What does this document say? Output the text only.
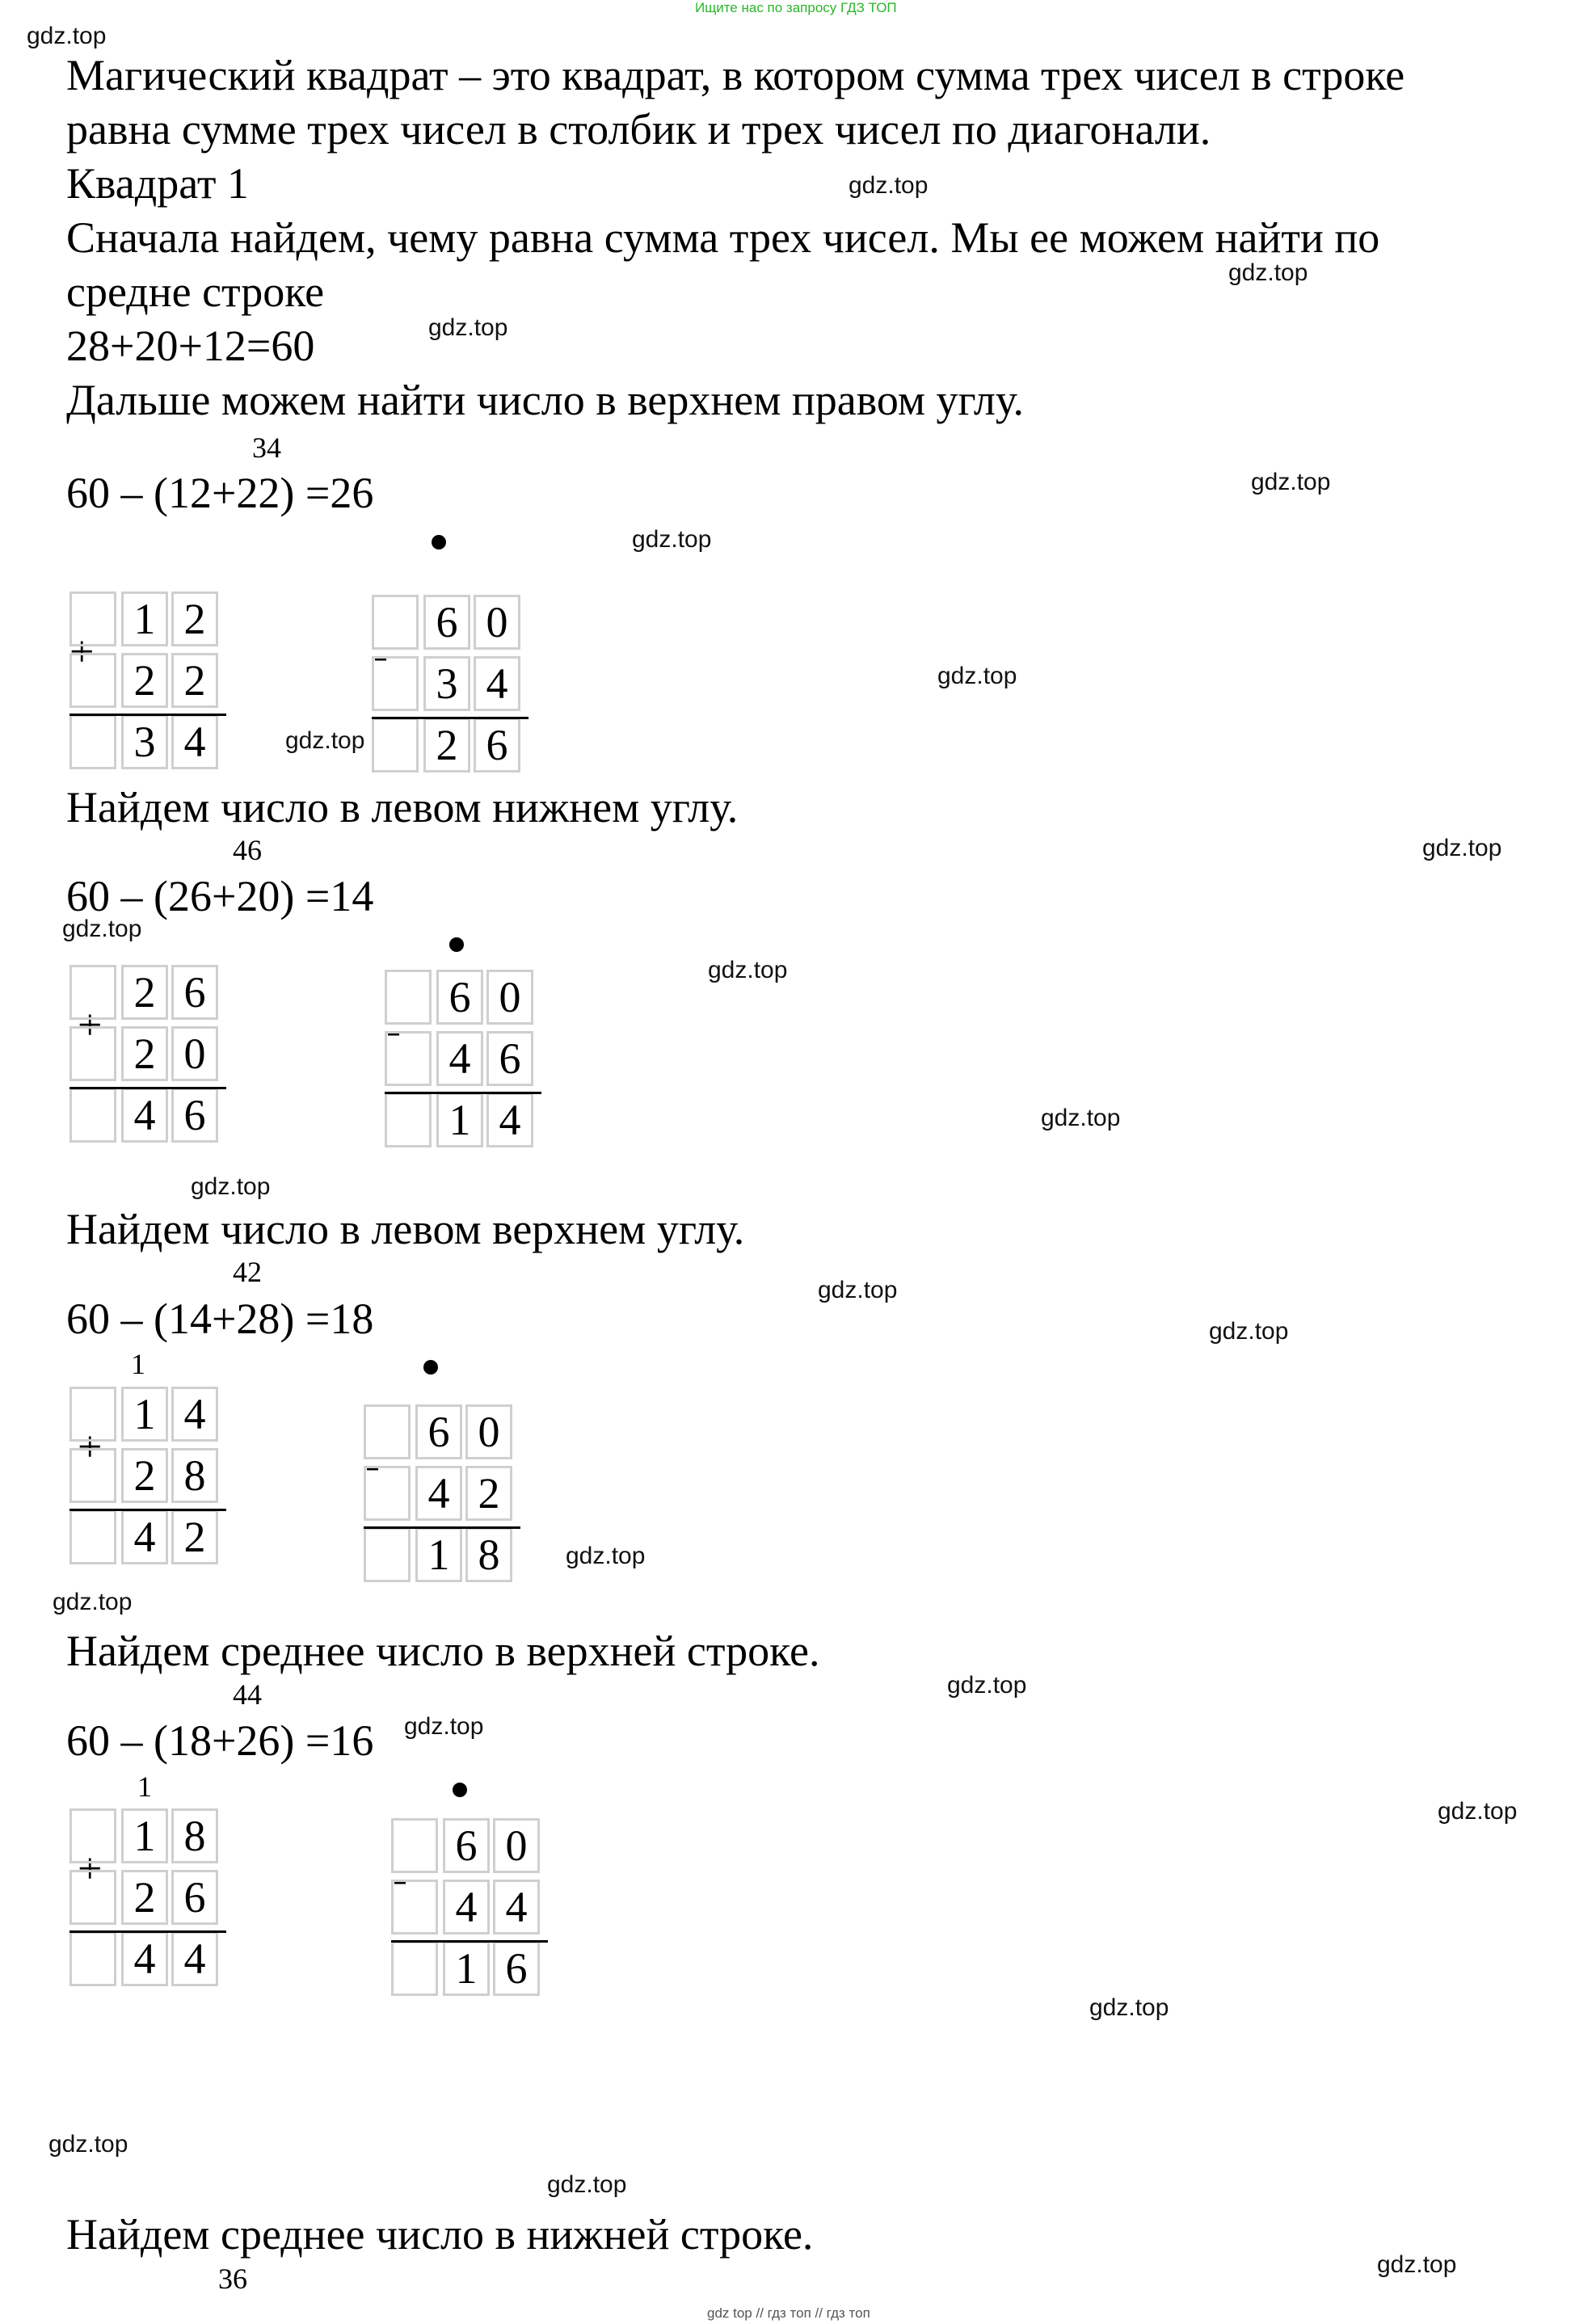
Ищите нас по запросу ГДЗ ТОП
gdz top // гдз топ // гдз топ
gdz.top
gdz.top
gdz.top
gdz.top
gdz.top
gdz.top
gdz.top
gdz.top
gdz.top
gdz.top
gdz.top
gdz.top
gdz.top
gdz.top
gdz.top
gdz.top
gdz.top
gdz.top
gdz.top
gdz.top
gdz.top
gdz.top
gdz.top
gdz.top
Магический квадрат – это квадрат, в котором сумма трех чисел в строке
равна сумме трех чисел в столбик и трех чисел по диагонали.
Квадрат 1
Сначала найдем, чему равна сумма трех чисел. Мы ее можем найти по
средне строке
28+20+12=60
Дальше можем найти число в верхнем правом углу.
34
60 – (12+22) =26
+
1 2
2 2
3 4
-
6 0
3 4
2 6
Найдем число в левом нижнем углу.
46
60 – (26+20) =14
+
2 6
2 0
4 6
-
6 0
4 6
1 4
Найдем число в левом верхнем углу.
42
60 – (14+28) =18
1
+
1 4
2 8
4 2
-
6 0
4 2
1 8
Найдем среднее число в верхней строке.
44
60 – (18+26) =16
1
+
1 8
2 6
4 4
-
6 0
4 4
1 6
Найдем среднее число в нижней строке.
36
